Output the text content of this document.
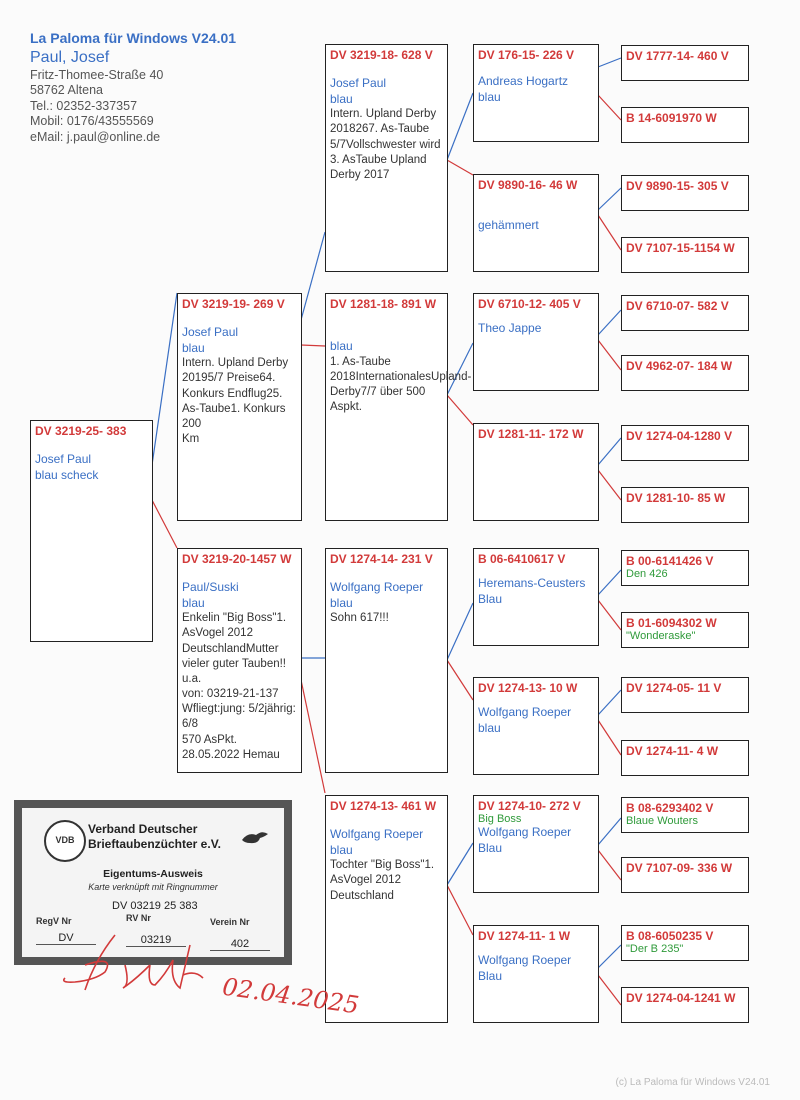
La Paloma für Windows V24.01
Paul, Josef
Fritz-Thomee-Straße 40
58762 Altena
Tel.: 02352-337357
Mobil: 0176/43555569
eMail: j.paul@online.de
DV 3219-25- 383
Josef Paul
blau scheck
DV 3219-19- 269 V
Josef Paul
blau
Intern. Upland Derby 20195/7 Preise64. Konkurs Endflug25. As-Taube1. Konkurs 200
Km
DV 3219-20-1457 W
Paul/Suski
blau
Enkelin "Big Boss"1. AsVogel 2012 DeutschlandMutter vieler guter Tauben!! u.a.
von: 03219-21-137 Wfliegt:jung: 5/2jährig: 6/8
570 AsPkt.
28.05.2022 Hemau
DV 3219-18- 628 V
Josef Paul
blau
Intern. Upland Derby 2018267. As-Taube 5/7Vollschwester wird 3. AsTaube Upland
Derby 2017
DV 1281-18- 891 W
blau
1. As-Taube 2018InternationalesUpland-
Derby7/7 über 500 Aspkt.
DV 1274-14- 231 V
Wolfgang Roeper
blau
Sohn 617!!!
DV 1274-13- 461 W
Wolfgang Roeper
blau
Tochter "Big Boss"1. AsVogel 2012
Deutschland
DV 176-15- 226 V
Andreas Hogartz
blau
DV 9890-16- 46 W
gehämmert
DV 6710-12- 405 V
Theo Jappe
DV 1281-11- 172 W
B 06-6410617 V
Heremans-Ceusters
Blau
DV 1274-13- 10 W
Wolfgang Roeper
blau
DV 1274-10- 272 V
Big Boss
Wolfgang Roeper
Blau
DV 1274-11- 1 W
Wolfgang Roeper
Blau
DV 1777-14- 460 V
B 14-6091970 W
DV 9890-15- 305 V
DV 7107-15-1154 W
DV 6710-07- 582 V
DV 4962-07- 184 W
DV 1274-04-1280 V
DV 1281-10- 85 W
B 00-6141426 V
Den 426
B 01-6094302 W
"Wonderaske"
DV 1274-05- 11 V
DV 1274-11- 4 W
B 08-6293402 V
Blaue Wouters
DV 7107-09- 336 W
B 08-6050235 V
"Der B 235"
DV 1274-04-1241 W
VDB
Verband Deutscher
Brieftaubenzüchter e.V.
Eigentums-Ausweis
Karte verknüpft mit Ringnummer
DV 03219 25 383
RegV Nr	RV Nr	Verein Nr
DV	03219	402
02.04.2025
(c) La Paloma für Windows V24.01
